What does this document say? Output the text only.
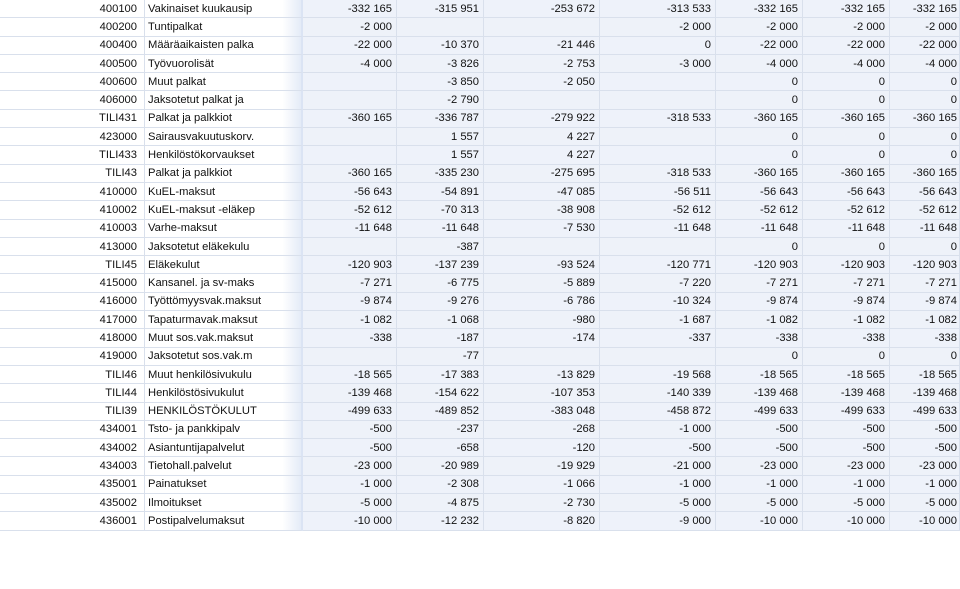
400100	Vakinaiset kuukausip	-332 165	-315 951	-253 672	-313 533	-332 165	-332 165	-332 165
400200	Tuntipalkat	-2 000			-2 000	-2 000	-2 000	-2 000
400400	Määräaikaisten palka	-22 000	-10 370	-21 446	0	-22 000	-22 000	-22 000
400500	Työvuorolisät	-4 000	-3 826	-2 753	-3 000	-4 000	-4 000	-4 000
400600	Muut palkat		-3 850	-2 050		0	0	0
406000	Jaksotetut palkat ja		-2 790			0	0	0
TILI431	Palkat ja palkkiot	-360 165	-336 787	-279 922	-318 533	-360 165	-360 165	-360 165
423000	Sairausvakuutuskorv.		1 557	4 227		0	0	0
TILI433	Henkilöstökorvaukset		1 557	4 227		0	0	0
TILI43	Palkat ja palkkiot	-360 165	-335 230	-275 695	-318 533	-360 165	-360 165	-360 165
410000	KuEL-maksut	-56 643	-54 891	-47 085	-56 511	-56 643	-56 643	-56 643
410002	KuEL-maksut -eläkep	-52 612	-70 313	-38 908	-52 612	-52 612	-52 612	-52 612
410003	Varhe-maksut	-11 648	-11 648	-7 530	-11 648	-11 648	-11 648	-11 648
413000	Jaksotetut eläkekulu		-387			0	0	0
TILI45	Eläkekulut	-120 903	-137 239	-93 524	-120 771	-120 903	-120 903	-120 903
415000	Kansanel. ja sv-maks	-7 271	-6 775	-5 889	-7 220	-7 271	-7 271	-7 271
416000	Työttömyysvak.maksut	-9 874	-9 276	-6 786	-10 324	-9 874	-9 874	-9 874
417000	Tapaturmavak.maksut	-1 082	-1 068	-980	-1 687	-1 082	-1 082	-1 082
418000	Muut sos.vak.maksut	-338	-187	-174	-337	-338	-338	-338
419000	Jaksotetut sos.vak.m		-77			0	0	0
TILI46	Muut henkilösivukulu	-18 565	-17 383	-13 829	-19 568	-18 565	-18 565	-18 565
TILI44	Henkilöstösivukulut	-139 468	-154 622	-107 353	-140 339	-139 468	-139 468	-139 468
TILI39	HENKILÖSTÖKULUT	-499 633	-489 852	-383 048	-458 872	-499 633	-499 633	-499 633
434001	Tsto- ja pankkipalv	-500	-237	-268	-1 000	-500	-500	-500
434002	Asiantuntijapalvelut	-500	-658	-120	-500	-500	-500	-500
434003	Tietohall.palvelut	-23 000	-20 989	-19 929	-21 000	-23 000	-23 000	-23 000
435001	Painatukset	-1 000	-2 308	-1 066	-1 000	-1 000	-1 000	-1 000
435002	Ilmoitukset	-5 000	-4 875	-2 730	-5 000	-5 000	-5 000	-5 000
436001	Postipalvelumaksut	-10 000	-12 232	-8 820	-9 000	-10 000	-10 000	-10 000
